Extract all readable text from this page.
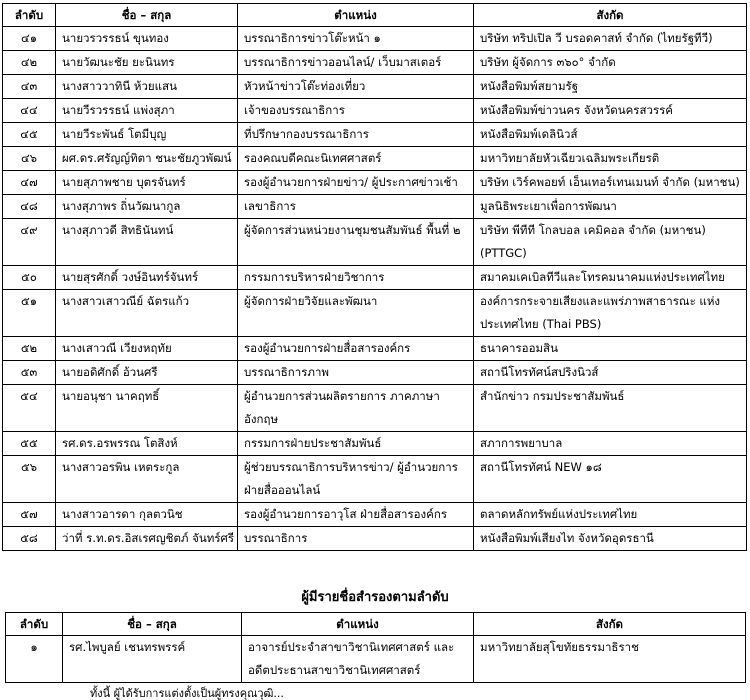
ลำดับ	ชื่อ – สกุล	ตำแหน่ง	สังกัด
๔๑	นายวรวรรธน์ ขุนทอง	บรรณาธิการข่าวโต๊ะหน้า ๑	บริษัท ทริปเปิล วี บรอดคาสท์ จำกัด (ไทยรัฐทีวี)
๔๒	นายวัฒนะชัย ยะนินทร	บรรณาธิการข่าวออนไลน์/ เว็บมาสเตอร์	บริษัท ผู้จัดการ ๓๖๐° จำกัด
๔๓	นางสาววาทินี ห้วยแสน	หัวหน้าข่าวโต๊ะท่องเที่ยว	หนังสือพิมพ์สยามรัฐ
๔๔	นายวีรวรรธน์ แพ่งสุภา	เจ้าของบรรณาธิการ	หนังสือพิมพ์ข่าวนคร จังหวัดนครสวรรค์
๔๕	นายวีระพันธ์ โตมีบุญ	ที่ปรึกษากองบรรณาธิการ	หนังสือพิมพ์เดลินิวส์
๔๖	ผศ.ดร.ศรัญญ์ทิตา ชนะชัยภูวพัฒน์	รองคณบดีคณะนิเทศศาสตร์	มหาวิทยาลัยหัวเฉียวเฉลิมพระเกียรติ
๔๗	นายสุภาพชาย บุตรจันทร์	รองผู้อำนวยการฝ่ายข่าว/ ผู้ประกาศข่าวเช้า	บริษัท เวิร์คพอยท์ เอ็นเทอร์เทนเมนท์ จำกัด (มหาชน)
๔๘	นางสุภาพร ถิ่นวัฒนากูล	เลขาธิการ	มูลนิธิพระเยาเพื่อการพัฒนา
๔๙	นางสุภาวดี สิทธินันทน์	ผู้จัดการส่วนหน่วยงานชุมชนสัมพันธ์ พื้นที่ ๒	บริษัท พีทีที โกลบอล เคมิคอล จำกัด (มหาชน) (PTTGC)
๕๐	นายสุรศักดิ์ วงษ์อินทร์จันทร์	กรรมการบริหารฝ่ายวิชาการ	สมาคมเคเบิลทีวีและโทรคมนาคมแห่งประเทศไทย
๕๑	นางสาวเสาวณีย์ ฉัตรแก้ว	ผู้จัดการฝ่ายวิจัยและพัฒนา	องค์การกระจายเสียงและแพร่ภาพสาธารณะ แห่งประเทศไทย (Thai PBS)
๕๒	นางเสาวณี เวียงหฤทัย	รองผู้อำนวยการฝ่ายสื่อสารองค์กร	ธนาคารออมสิน
๕๓	นายอดิศักดิ์ อ้วนศรี	บรรณาธิการภาพ	สถานีโทรทัศน์สปริงนิวส์
๕๔	นายอนุชา นาคฤทธิ์	ผู้อำนวยการส่วนผลิตรายการ ภาคภาษาอังกฤษ	สำนักข่าว กรมประชาสัมพันธ์
๕๕	รศ.ดร.อรพรรณ โตสิงห์	กรรมการฝ่ายประชาสัมพันธ์	สภาการพยาบาล
๕๖	นางสาวอรพิน เหตระกูล	ผู้ช่วยบรรณาธิการบริหารข่าว/ ผู้อำนวยการ ฝ่ายสื่อออนไลน์	สถานีโทรทัศน์ NEW ๑๘
๕๗	นางสาวอารดา กุลตวนิช	รองผู้อำนวยการอาวุโส ฝ่ายสื่อสารองค์กร	ตลาดหลักทรัพย์แห่งประเทศไทย
๕๘	ว่าที่ ร.ท.ดร.อิสเรศญชิตภ์ จันทร์ศรี	บรรณาธิการ	หนังสือพิมพ์เสียงไท จังหวัดอุดรธานี
ผู้มีรายชื่อสำรองตามลำดับ
ลำดับ	ชื่อ – สกุล	ตำแหน่ง	สังกัด
๑	รศ.ไพบูลย์ เชนทรพรรค์	อาจารย์ประจำสาขาวิชานิเทศศาสตร์ และอดีตประธานสาขาวิชานิเทศศาสตร์	มหาวิทยาลัยสุโขทัยธรรมาธิราช
ทั้งนี้ ผู้ได้รับการแต่งตั้งเป็นผู้ทรงคุณวุฒิ...
